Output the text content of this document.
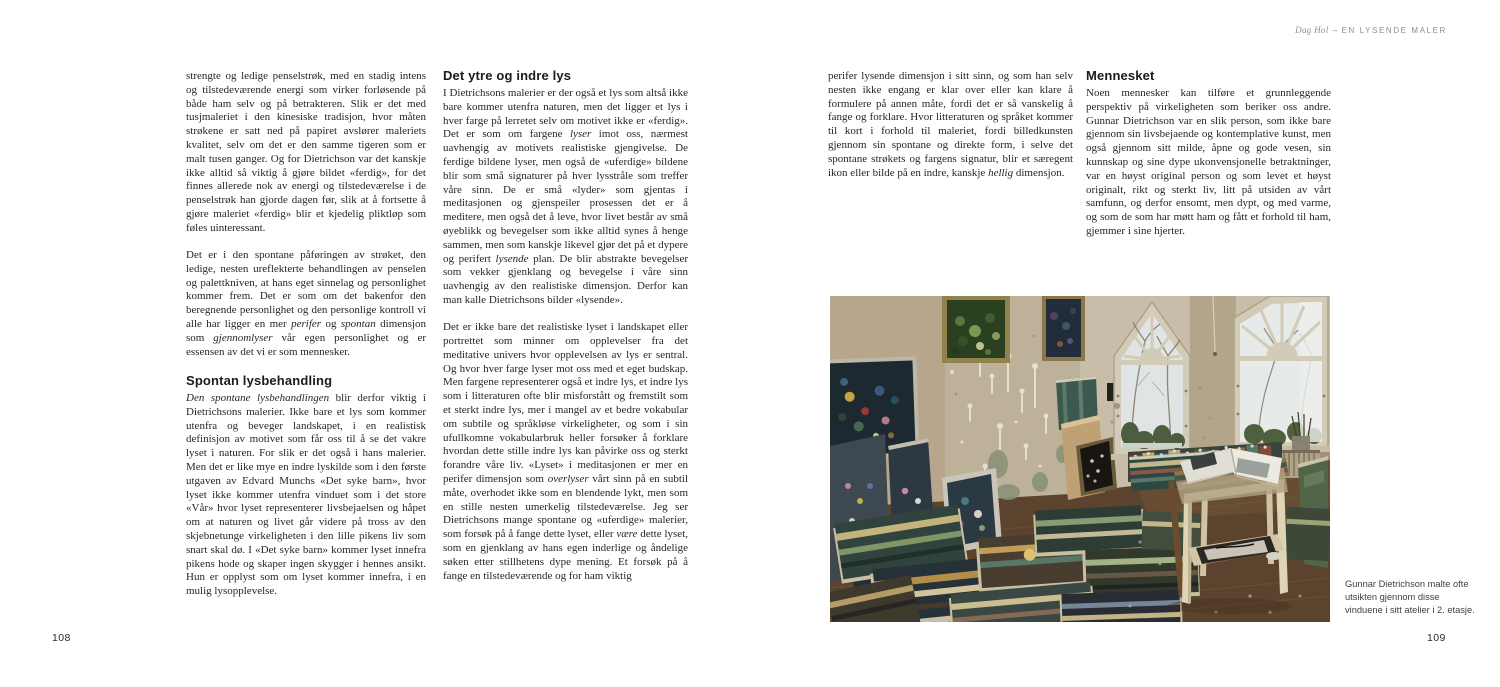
Dag Hol – EN LYSENDE MALER

strengte og ledige penselstrøk, med en stadig intens og tilstedeværende energi som virker forløsende på både ham selv og på betrakteren. Slik er det med tusjmaleriet i den kinesiske tradisjon, hvor måten strøkene er satt ned på papiret avslører maleriets kvalitet, selv om det er den samme tigeren som er malt tusen ganger. Og for Dietrichson var det kanskje ikke alltid så viktig å gjøre bildet «ferdig», for det finnes allerede nok av energi og tilstedeværelse i de penselstrøk han gjorde dagen før, slik at å fortsette å gjøre maleriet «ferdig» blir et kjedelig pliktløp som føles uinteressant.

Det er i den spontane påføringen av strøket, den ledige, nesten ureflekterte behandlingen av penselen og palettkniven, at hans eget sinnelag og personlighet kommer frem. Det er som om det bakenfor den beregnende personlighet og den personlige kontroll vi alle har ligger en mer perifer og spontan dimensjon som gjennomlyser vår egen personlighet og er essensen av det vi er som mennesker.

Spontan lysbehandling

Den spontane lysbehandlingen blir derfor viktig i Dietrichsons malerier. Ikke bare et lys som kommer utenfra og beveger landskapet, i en realistisk definisjon av motivet som får oss til å se det vakre lyset i naturen. For slik er det også i hans malerier. Men det er like mye en indre lyskilde som i den første utgaven av Edvard Munchs «Det syke barn», hvor lyset ikke kommer utenfra vinduet som i det store «Vår» hvor lyset representerer livsbejaelsen og håpet om at naturen og livet går videre på tross av den skjebnetunge virkeligheten i den lille pikens liv som snart skal dø. I «Det syke barn» kommer lyset innefra pikens hode og skaper ingen skygger i hennes ansikt. Hun er opplyst som om lyset kommer innefra, i en mulig lysopplevelse.

Det ytre og indre lys

I Dietrichsons malerier er der også et lys som altså ikke bare kommer utenfra naturen, men det ligger et lys i hver farge på lerretet selv om motivet ikke er «ferdig». Det er som om fargene lyser imot oss, nærmest uavhengig av motivets realistiske gjengivelse. De ferdige bildene lyser, men også de «uferdige» bildene blir som små signaturer på hver lysstråle som treffer våre sinn. De er små «lyder» som gjentas i meditasjonen og gjenspeiler prosessen det er å meditere, men også det å leve, hvor livet består av små øyeblikk og bevegelser som ikke alltid synes å henge sammen, men som kanskje likevel gjør det på et dypere og perifert lysende plan. De blir abstrakte bevegelser som vekker gjenklang og bevegelse i våre sinn uavhengig av den realistiske dimensjon. Derfor kan man kalle Dietrichsons bilder «lysende».

Det er ikke bare det realistiske lyset i landskapet eller portrettet som minner om opplevelser fra det meditative univers hvor opplevelsen av lys er sentral. Og hvor hver farge lyser mot oss med et eget budskap. Men fargene representerer også et indre lys, et indre lys som i litteraturen ofte blir misforstått og fremstilt som et sterkt indre lys, mer i mangel av et bedre vokabular om subtile og språkløse virkeligheter, og som i sin ufullkomne vokabularbruk heller forsøker å forklare hvordan dette stille indre lys kan påvirke oss og sterkt forandre våre liv. «Lyset» i meditasjonen er mer en perifer dimensjon som overlyser vårt sinn på en subtil måte, overhodet ikke som en blendende lykt, men som en stille nesten umerkelig tilstedeværelse. Jeg ser Dietrichsons mange spontane og «uferdige» malerier, som forsøk på å fange dette lyset, eller være dette lyset, som en gjenklang av hans egen inderlige og åndelige søken etter stillhetens dype mening. Et forsøk på å fange en tilstedeværende og for ham viktig

perifer lysende dimensjon i sitt sinn, og som han selv nesten ikke engang er klar over eller kan klare å formulere på annen måte, fordi det er så vanskelig å fange og forklare. Hvor litteraturen og språket kommer til kort i forhold til maleriet, fordi billedkunsten gjennom sin spontane og direkte form, i selve det spontane strøkets og fargens signatur, blir et særegent ikon eller bilde på en indre, kanskje hellig dimensjon.

Mennesket

Noen mennesker kan tilføre et grunnleggende perspektiv på virkeligheten som beriker oss andre. Gunnar Dietrichson var en slik person, som ikke bare gjennom sin livsbejaende og kontemplative kunst, men også gjennom sitt milde, åpne og gode vesen, sin kunnskap og sine dype ukonvensjonelle betraktninger, var en høyst original person og som levet et høyst originalt, rikt og sterkt liv, litt på utsiden av vårt samfunn, og derfor ensomt, men dypt, og med varme, og som de som har møtt ham og fått et forhold til ham, gjemmer i sine hjerter.

108	109
Gunnar Dietrichson malte ofte utsikten gjennom disse vinduene i sitt atelier i 2. etasje.
